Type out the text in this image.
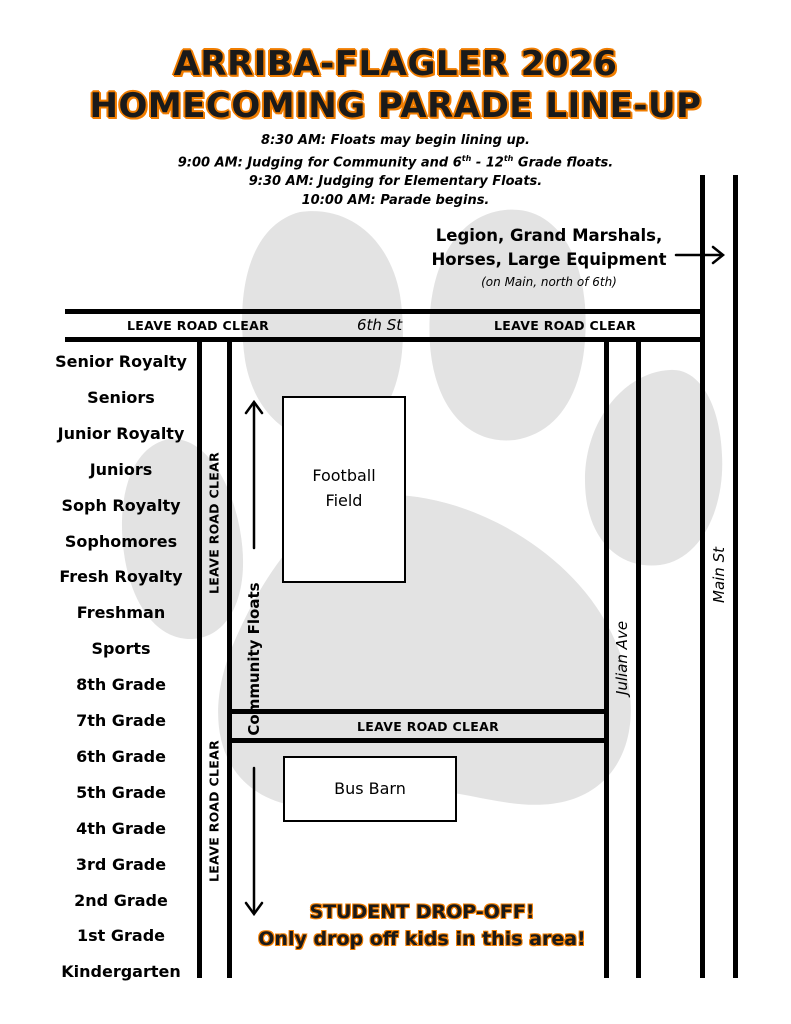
ARRIBA-FLAGLER 2026
HOMECOMING PARADE LINE-UP
8:30 AM: Floats may begin lining up.
9:00 AM: Judging for Community and 6th - 12th Grade floats.
9:30 AM: Judging for Elementary Floats.
10:00 AM: Parade begins.
LEAVE ROAD CLEAR	LEAVE ROAD CLEAR
LEAVE ROAD CLEAR
LEAVE ROAD CLEAR
LEAVE ROAD CLEAR
6th St
Main St
Julian Ave
Community Floats
Legion, Grand Marshals,
Horses, Large Equipment
(on Main, north of 6th)
Football
Field
Bus Barn
Senior Royalty
Seniors
Junior Royalty
Juniors
Soph Royalty
Sophomores
Fresh Royalty
Freshman
Sports
8th Grade
7th Grade
6th Grade
5th Grade
4th Grade
3rd Grade
2nd Grade
1st Grade
Kindergarten
STUDENT DROP-OFF!
Only drop off kids in this area!
